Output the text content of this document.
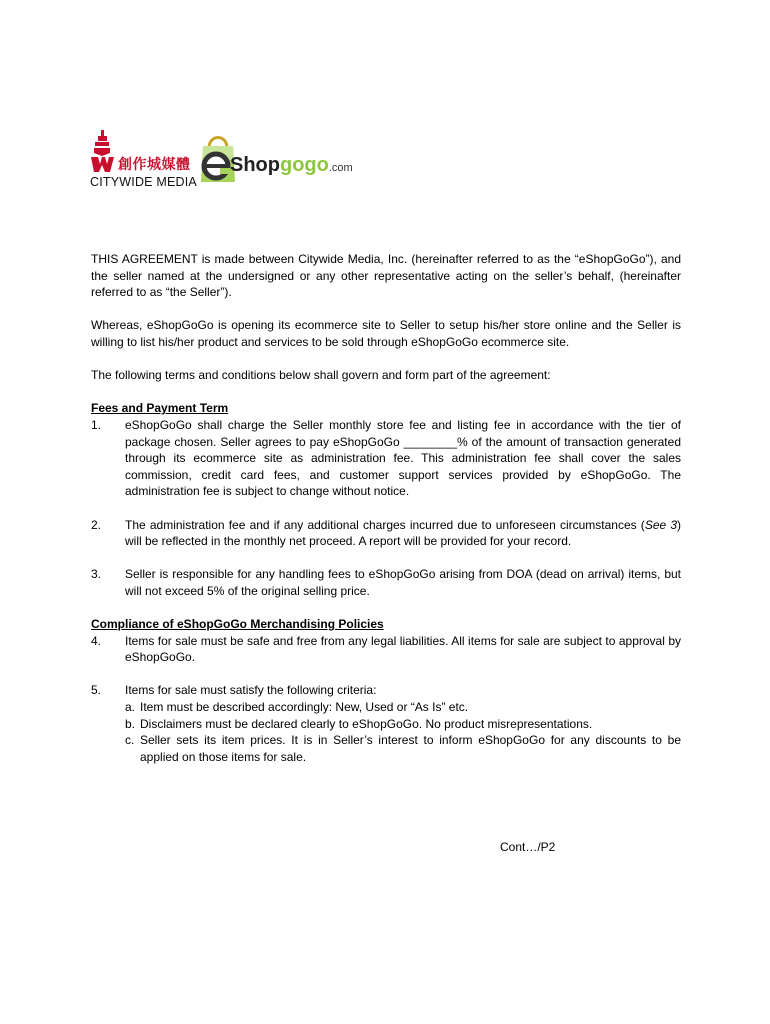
創作城媒體
CITYWIDE MEDIA
Shopgogo.com

THIS AGREEMENT is made between Citywide Media, Inc. (hereinafter referred to as the “eShopGoGo”), and the seller named at the undersigned or any other representative acting on the seller’s behalf, (hereinafter referred to as “the Seller”).

Whereas, eShopGoGo is opening its ecommerce site to Seller to setup his/her store online and the Seller is willing to list his/her product and services to be sold through eShopGoGo ecommerce site.

The following terms and conditions below shall govern and form part of the agreement:

Fees and Payment Term

1. eShopGoGo shall charge the Seller monthly store fee and listing fee in accordance with the tier of package chosen. Seller agrees to pay eShopGoGo ________% of the amount of transaction generated through its ecommerce site as administration fee. This administration fee shall cover the sales commission, credit card fees, and customer support services provided by eShopGoGo. The administration fee is subject to change without notice.
2. The administration fee and if any additional charges incurred due to unforeseen circumstances (See 3) will be reflected in the monthly net proceed. A report will be provided for your record.
3. Seller is responsible for any handling fees to eShopGoGo arising from DOA (dead on arrival) items, but will not exceed 5% of the original selling price.

Compliance of eShopGoGo Merchandising Policies

4. Items for sale must be safe and free from any legal liabilities. All items for sale are subject to approval by eShopGoGo.
5. Items for sale must satisfy the following criteria:
a. Item must be described accordingly: New, Used or “As Is” etc.
b. Disclaimers must be declared clearly to eShopGoGo. No product misrepresentations.
c. Seller sets its item prices. It is in Seller’s interest to inform eShopGoGo for any discounts to be applied on those items for sale.
Cont…/P2
